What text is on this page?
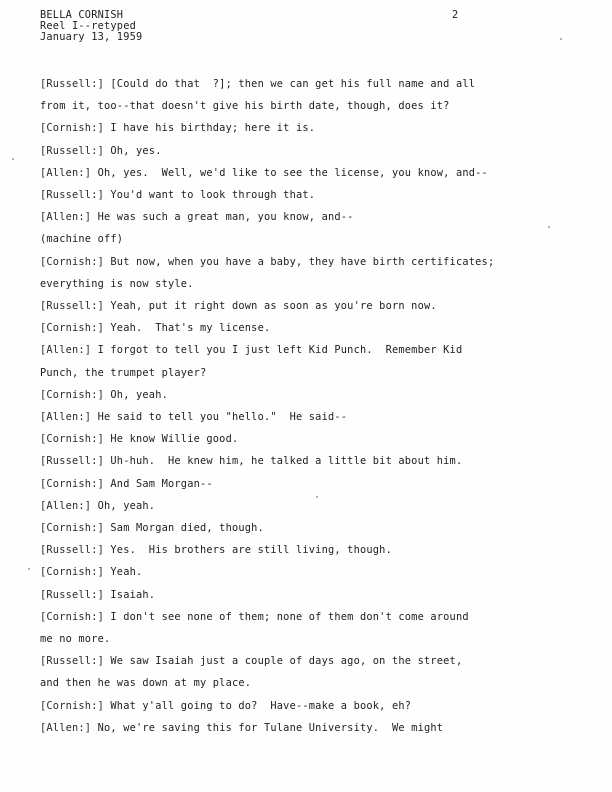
BELLA CORNISH
Reel I--retyped
January 13, 1959
2
[Russell:] [Could do that  ?]; then we can get his full name and all
from it, too--that doesn't give his birth date, though, does it?
[Cornish:] I have his birthday; here it is.
[Russell:] Oh, yes.
[Allen:] Oh, yes.  Well, we'd like to see the license, you know, and--
[Russell:] You'd want to look through that.
[Allen:] He was such a great man, you know, and--
(machine off)
[Cornish:] But now, when you have a baby, they have birth certificates;
everything is now style.
[Russell:] Yeah, put it right down as soon as you're born now.
[Cornish:] Yeah.  That's my license.
[Allen:] I forgot to tell you I just left Kid Punch.  Remember Kid
Punch, the trumpet player?
[Cornish:] Oh, yeah.
[Allen:] He said to tell you "hello."  He said--
[Cornish:] He know Willie good.
[Russell:] Uh-huh.  He knew him, he talked a little bit about him.
[Cornish:] And Sam Morgan--
[Allen:] Oh, yeah.
[Cornish:] Sam Morgan died, though.
[Russell:] Yes.  His brothers are still living, though.
[Cornish:] Yeah.
[Russell:] Isaiah.
[Cornish:] I don't see none of them; none of them don't come around
me no more.
[Russell:] We saw Isaiah just a couple of days ago, on the street,
and then he was down at my place.
[Cornish:] What y'all going to do?  Have--make a book, eh?
[Allen:] No, we're saving this for Tulane University.  We might
